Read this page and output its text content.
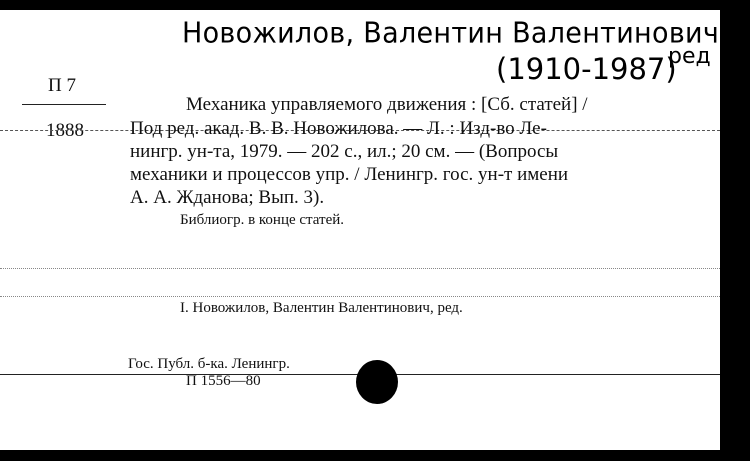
Новожилов, Валентин Валентинович
(1910-1987)
ред
П 7
1888
Механика управляемого движения : [Сб. статей] /
Под ред. акад. В. В. Новожилова. — Л. : Изд-во Ле-
нингр. ун-та, 1979. — 202 с., ил.; 20 см. — (Вопросы
механики и процессов упр. / Ленингр. гос. ун-т имени
А. А. Жданова; Вып. 3).
Библиогр. в конце статей.
I. Новожилов, Валентин Валентинович, ред.
Гос. Публ. б-ка. Ленингр.
П 1556—80
